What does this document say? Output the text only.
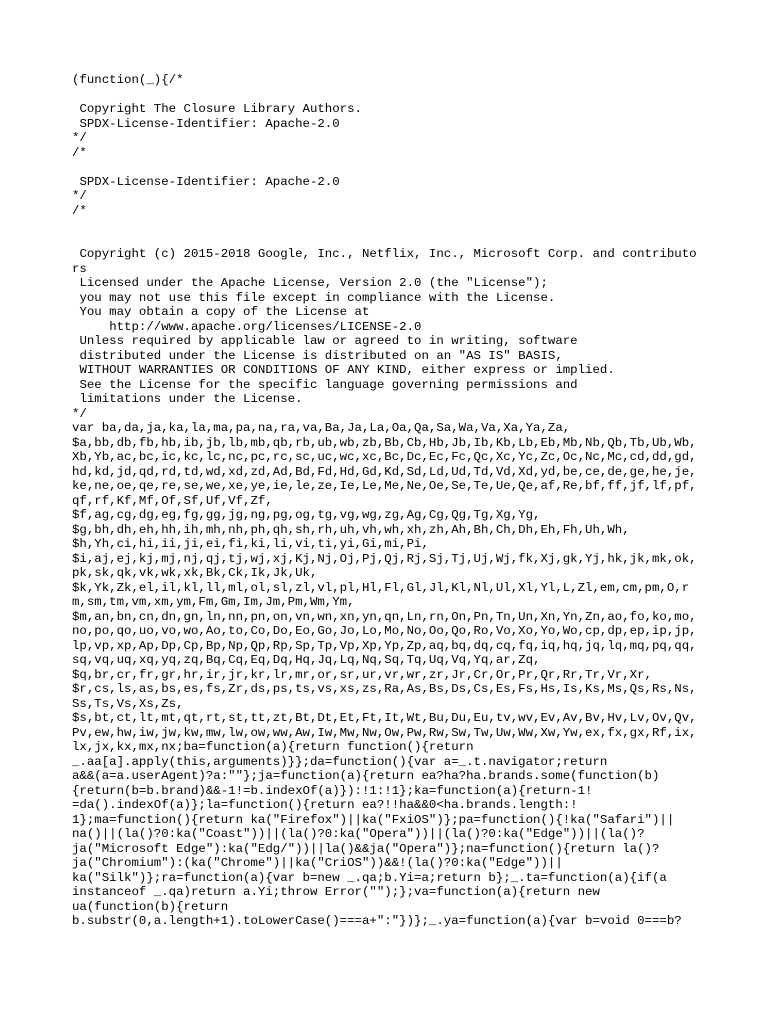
(function(_){/*

Copyright The Closure Library Authors.
SPDX-License-Identifier: Apache-2.0
*/
/*

SPDX-License-Identifier: Apache-2.0
*/
/*

Copyright (c) 2015-2018 Google, Inc., Netflix, Inc., Microsoft Corp. and contributors
Licensed under the Apache License, Version 2.0 (the "License");
you may not use this file except in compliance with the License.
You may obtain a copy of the License at
http://www.apache.org/licenses/LICENSE-2.0
Unless required by applicable law or agreed to in writing, software
distributed under the License is distributed on an "AS IS" BASIS,
WITHOUT WARRANTIES OR CONDITIONS OF ANY KIND, either express or implied.
See the License for the specific language governing permissions and
limitations under the License.
*/
var ba,da,ja,ka,la,ma,pa,na,ra,va,Ba,Ja,La,Oa,Qa,Sa,Wa,Va,Xa,Ya,Za,
$a,bb,db,fb,hb,ib,jb,lb,mb,qb,rb,ub,wb,zb,Bb,Cb,Hb,Jb,Ib,Kb,Lb,Eb,Mb,Nb,Qb,Tb,Ub,Wb,Xb,Yb,ac,bc,ic,kc,lc,nc,pc,rc,sc,uc,wc,xc,Bc,Dc,Ec,Fc,Qc,Xc,Yc,Zc,Oc,Nc,Mc,cd,dd,gd,hd,kd,jd,qd,rd,td,wd,xd,zd,Ad,Bd,Fd,Hd,Gd,Kd,Sd,Ld,Ud,Td,Vd,Xd,yd,be,ce,de,ge,he,je,ke,ne,oe,qe,re,se,we,xe,ye,ie,le,ze,Ie,Le,Me,Ne,Oe,Se,Te,Ue,Qe,af,Re,bf,ff,jf,lf,pf,qf,rf,Kf,Mf,Of,Sf,Uf,Vf,Zf,
$f,ag,cg,dg,eg,fg,gg,jg,ng,pg,og,tg,vg,wg,zg,Ag,Cg,Qg,Tg,Xg,Yg,
$g,bh,dh,eh,hh,ih,mh,nh,ph,qh,sh,rh,uh,vh,wh,xh,zh,Ah,Bh,Ch,Dh,Eh,Fh,Uh,Wh,
$h,Yh,ci,hi,ii,ji,ei,fi,ki,li,vi,ti,yi,Gi,mi,Pi,
$i,aj,ej,kj,mj,nj,qj,tj,wj,xj,Kj,Nj,Oj,Pj,Qj,Rj,Sj,Tj,Uj,Wj,fk,Xj,gk,Yj,hk,jk,mk,ok,pk,sk,qk,vk,wk,xk,Bk,Ck,Ik,Jk,Uk,
$k,Yk,Zk,el,il,kl,ll,ml,ol,sl,zl,vl,pl,Hl,Fl,Gl,Jl,Kl,Nl,Ul,Xl,Yl,L,Zl,em,cm,pm,O,rm,sm,tm,vm,xm,ym,Fm,Gm,Im,Jm,Pm,Wm,Ym,
$m,an,bn,cn,dn,gn,ln,nn,pn,on,vn,wn,xn,yn,qn,Ln,rn,On,Pn,Tn,Un,Xn,Yn,Zn,ao,fo,ko,mo,no,po,qo,uo,vo,wo,Ao,to,Co,Do,Eo,Go,Jo,Lo,Mo,No,Oo,Qo,Ro,Vo,Xo,Yo,Wo,cp,dp,ep,ip,jp,lp,vp,xp,Ap,Dp,Cp,Bp,Np,Qp,Rp,Sp,Tp,Vp,Xp,Yp,Zp,aq,bq,dq,cq,fq,iq,hq,jq,lq,mq,pq,qq,sq,vq,uq,xq,yq,zq,Bq,Cq,Eq,Dq,Hq,Jq,Lq,Nq,Sq,Tq,Uq,Vq,Yq,ar,Zq,
$q,br,cr,fr,gr,hr,ir,jr,kr,lr,mr,or,sr,ur,vr,wr,zr,Jr,Cr,Or,Pr,Qr,Rr,Tr,Vr,Xr,
$r,cs,ls,as,bs,es,fs,Zr,ds,ps,ts,vs,xs,zs,Ra,As,Bs,Ds,Cs,Es,Fs,Hs,Is,Ks,Ms,Qs,Rs,Ns,Ss,Ts,Vs,Xs,Zs,
$s,bt,ct,lt,mt,qt,rt,st,tt,zt,Bt,Dt,Et,Ft,It,Wt,Bu,Du,Eu,tv,wv,Ev,Av,Bv,Hv,Lv,Ov,Qv,Pv,ew,hw,iw,jw,kw,mw,lw,ow,ww,Aw,Iw,Mw,Nw,Ow,Pw,Rw,Sw,Tw,Uw,Ww,Xw,Yw,ex,fx,gx,Rf,ix,lx,jx,kx,mx,nx;ba=function(a){return function(){return
_.aa[a].apply(this,arguments)}};da=function(){var a=_.t.navigator;return
a&&(a=a.userAgent)?a:""};ja=function(a){return ea?ha?ha.brands.some(function(b)
{return(b=b.brand)&&-1!=b.indexOf(a)}):!1:!1};ka=function(a){return-1!
=da().indexOf(a)};la=function(){return ea?!!ha&&0<ha.brands.length:!
1};ma=function(){return ka("Firefox")||ka("FxiOS")};pa=function(){!ka("Safari")||
na()||(la()?0:ka("Coast"))||(la()?0:ka("Opera"))||(la()?0:ka("Edge"))||(la()?
ja("Microsoft Edge"):ka("Edg/"))||la()&&ja("Opera")};na=function(){return la()?
ja("Chromium"):(ka("Chrome")||ka("CriOS"))&&!(la()?0:ka("Edge"))||
ka("Silk")};ra=function(a){var b=new _.qa;b.Yi=a;return b};_.ta=function(a){if(a
instanceof _.qa)return a.Yi;throw Error("");};va=function(a){return new
ua(function(b){return
b.substr(0,a.length+1).toLowerCase()===a+":"})};_.ya=function(a){var b=void 0===b?
